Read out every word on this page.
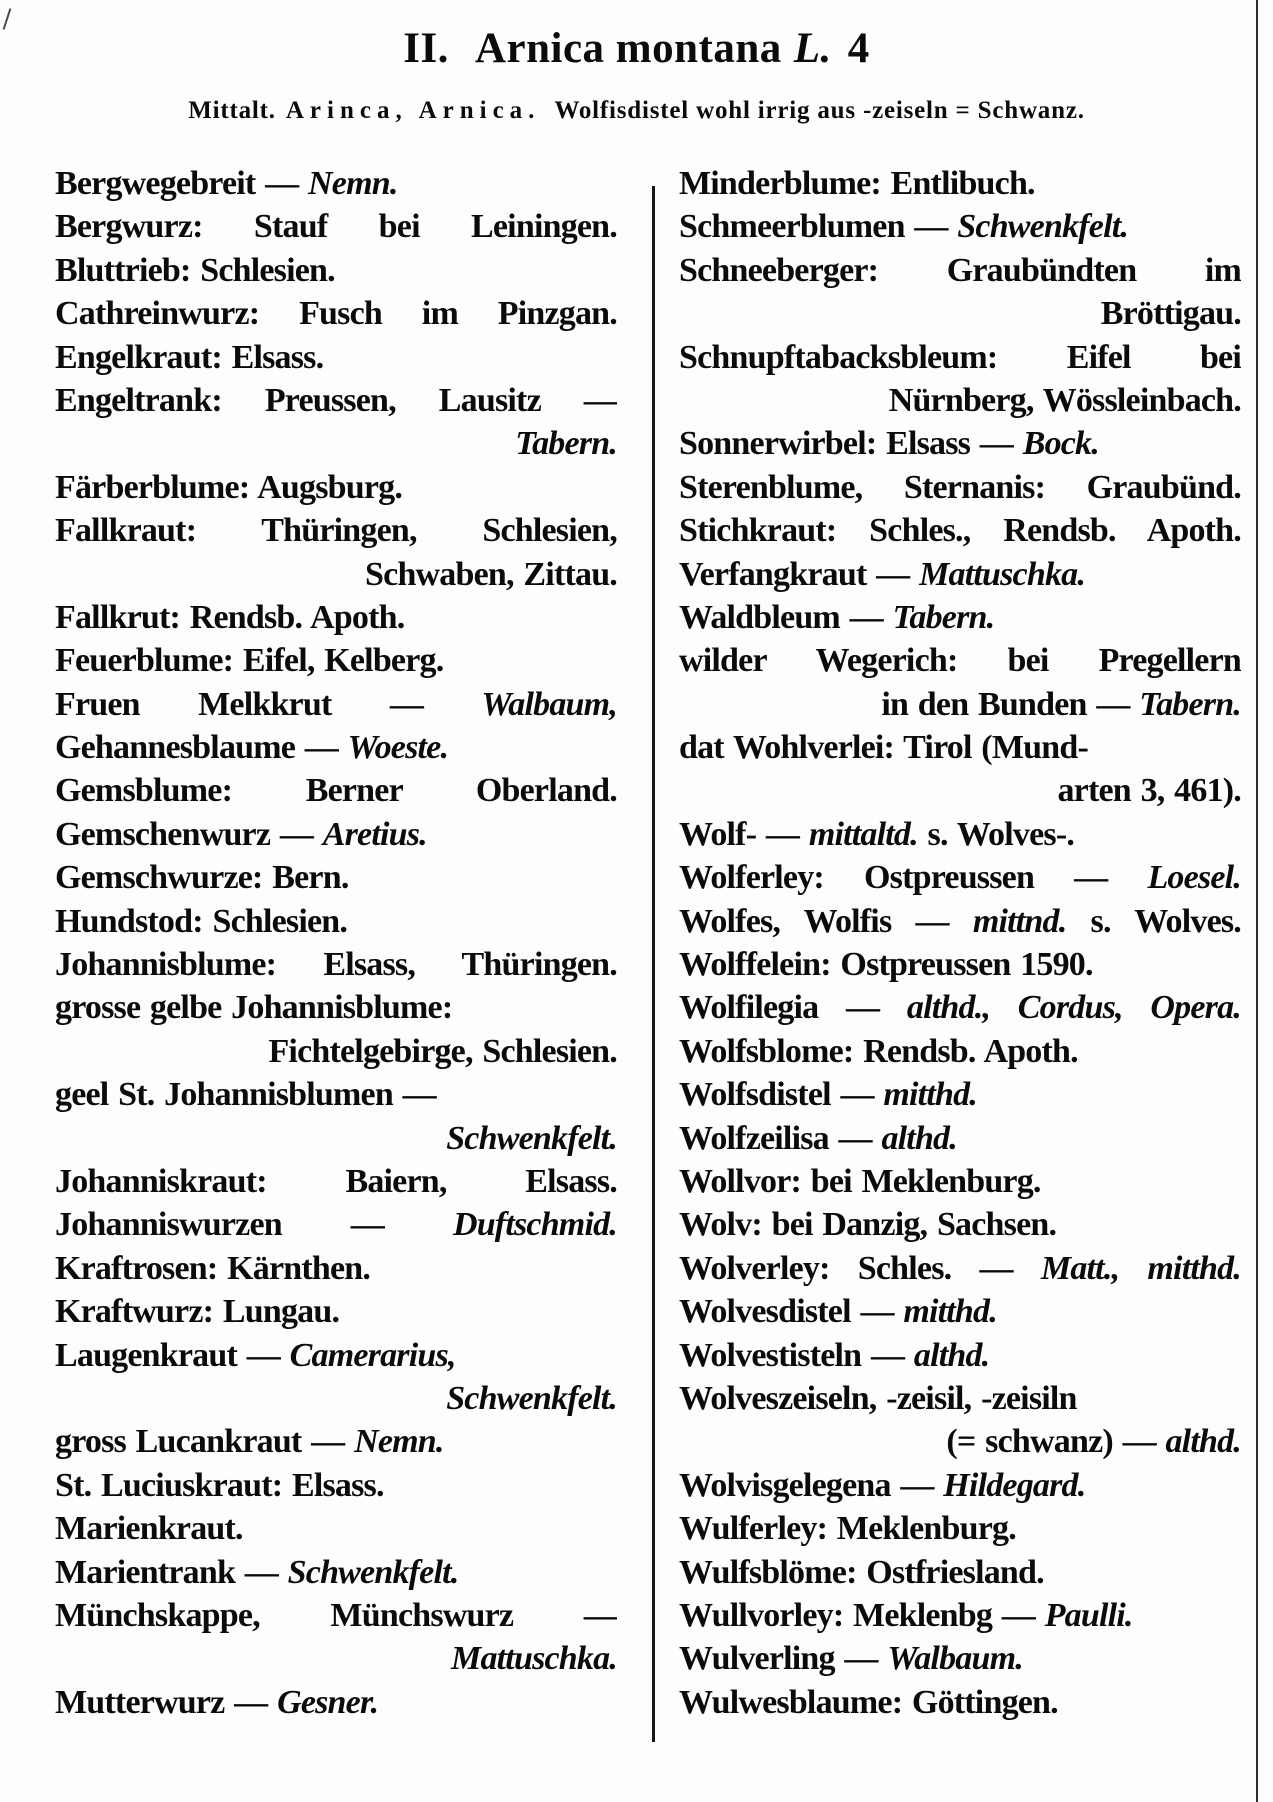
II. Arnica montana L. 4
Mittalt. Arinca, Arnica. Wolfisdistel wohl irrig aus -zeiseln = Schwanz.
Bergwegebreit — Nemn.
Bergwurz: Stauf bei Leiningen.
Bluttrieb: Schlesien.
Cathreinwurz: Fusch im Pinzgan.
Engelkraut: Elsass.
Engeltrank: Preussen, Lausitz —
Tabern.
Färberblume: Augsburg.
Fallkraut: Thüringen, Schlesien,
Schwaben, Zittau.
Fallkrut: Rendsb. Apoth.
Feuerblume: Eifel, Kelberg.
Fruen Melkkrut — Walbaum,
Gehannesblaume — Woeste.
Gemsblume: Berner Oberland.
Gemschenwurz — Aretius.
Gemschwurze: Bern.
Hundstod: Schlesien.
Johannisblume: Elsass, Thüringen.
grosse gelbe Johannisblume:
Fichtelgebirge, Schlesien.
geel St. Johannisblumen —
Schwenkfelt.
Johanniskraut: Baiern, Elsass.
Johanniswurzen — Duftschmid.
Kraftrosen: Kärnthen.
Kraftwurz: Lungau.
Laugenkraut — Camerarius,
Schwenkfelt.
gross Lucankraut — Nemn.
St. Luciuskraut: Elsass.
Marienkraut.
Marientrank — Schwenkfelt.
Münchskappe, Münchswurz —
Mattuschka.
Mutterwurz — Gesner.
Minderblume: Entlibuch.
Schmeerblumen — Schwenkfelt.
Schneeberger: Graubündten im
Bröttigau.
Schnupftabacksbleum: Eifel bei
Nürnberg, Wössleinbach.
Sonnerwirbel: Elsass — Bock.
Sterenblume, Sternanis: Graubünd.
Stichkraut: Schles., Rendsb. Apoth.
Verfangkraut — Mattuschka.
Waldbleum — Tabern.
wilder Wegerich: bei Pregellern
in den Bunden — Tabern.
dat Wohlverlei: Tirol (Mund-
arten 3, 461).
Wolf- — mittaltd. s. Wolves-.
Wolferley: Ostpreussen — Loesel.
Wolfes, Wolfis — mittnd. s. Wolves.
Wolffelein: Ostpreussen 1590.
Wolfilegia — althd., Cordus, Opera.
Wolfsblome: Rendsb. Apoth.
Wolfsdistel — mitthd.
Wolfzeilisa — althd.
Wollvor: bei Meklenburg.
Wolv: bei Danzig, Sachsen.
Wolverley: Schles. — Matt., mitthd.
Wolvesdistel — mitthd.
Wolvestisteln — althd.
Wolveszeiseln, -zeisil, -zeisiln
(= schwanz) — althd.
Wolvisgelegena — Hildegard.
Wulferley: Meklenburg.
Wulfsblöme: Ostfriesland.
Wullvorley: Meklenbg — Paulli.
Wulverling — Walbaum.
Wulwesblaume: Göttingen.
